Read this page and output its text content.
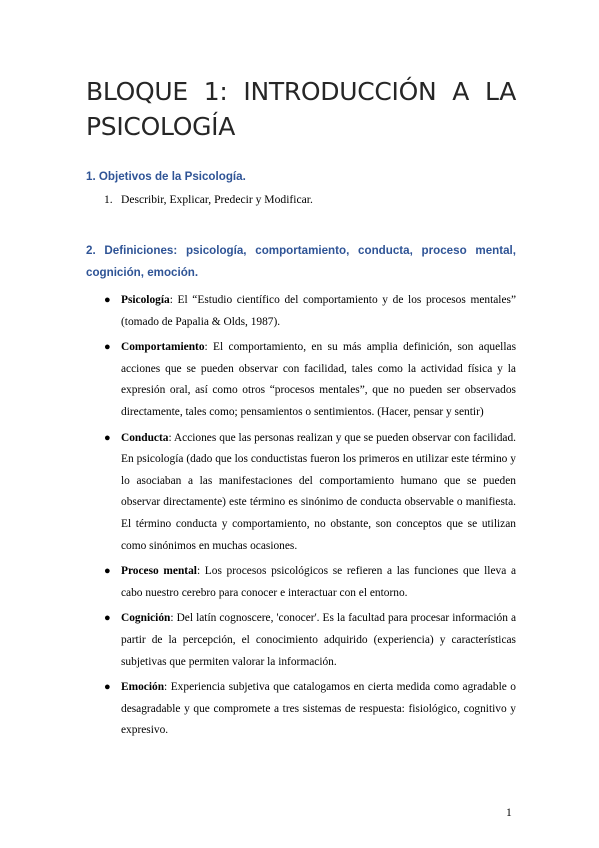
BLOQUE 1: INTRODUCCIÓN A LA
PSICOLOGÍA
1. Objetivos de la Psicología.
1. Describir, Explicar, Predecir y Modificar.
2. Definiciones: psicología, comportamiento, conducta, proceso mental,
cognición, emoción.
● Psicología: El “Estudio científico del comportamiento y de los procesos mentales” (tomado de Papalia & Olds, 1987).
● Comportamiento: El comportamiento, en su más amplia definición, son aquellas acciones que se pueden observar con facilidad, tales como la actividad física y la expresión oral, así como otros “procesos mentales”, que no pueden ser observados directamente, tales como; pensamientos o sentimientos. (Hacer, pensar y sentir)
● Conducta: Acciones que las personas realizan y que se pueden observar con facilidad. En psicología (dado que los conductistas fueron los primeros en utilizar este término y lo asociaban a las manifestaciones del comportamiento humano que se pueden observar directamente) este término es sinónimo de conducta observable o manifiesta. El término conducta y comportamiento, no obstante, son conceptos que se utilizan como sinónimos en muchas ocasiones.
● Proceso mental: Los procesos psicológicos se refieren a las funciones que lleva a cabo nuestro cerebro para conocer e interactuar con el entorno.
● Cognición: Del latín cognoscere, 'conocer'. Es la facultad para procesar información a partir de la percepción, el conocimiento adquirido (experiencia) y características subjetivas que permiten valorar la información.
● Emoción: Experiencia subjetiva que catalogamos en cierta medida como agradable o desagradable y que compromete a tres sistemas de respuesta: fisiológico, cognitivo y expresivo.
1
